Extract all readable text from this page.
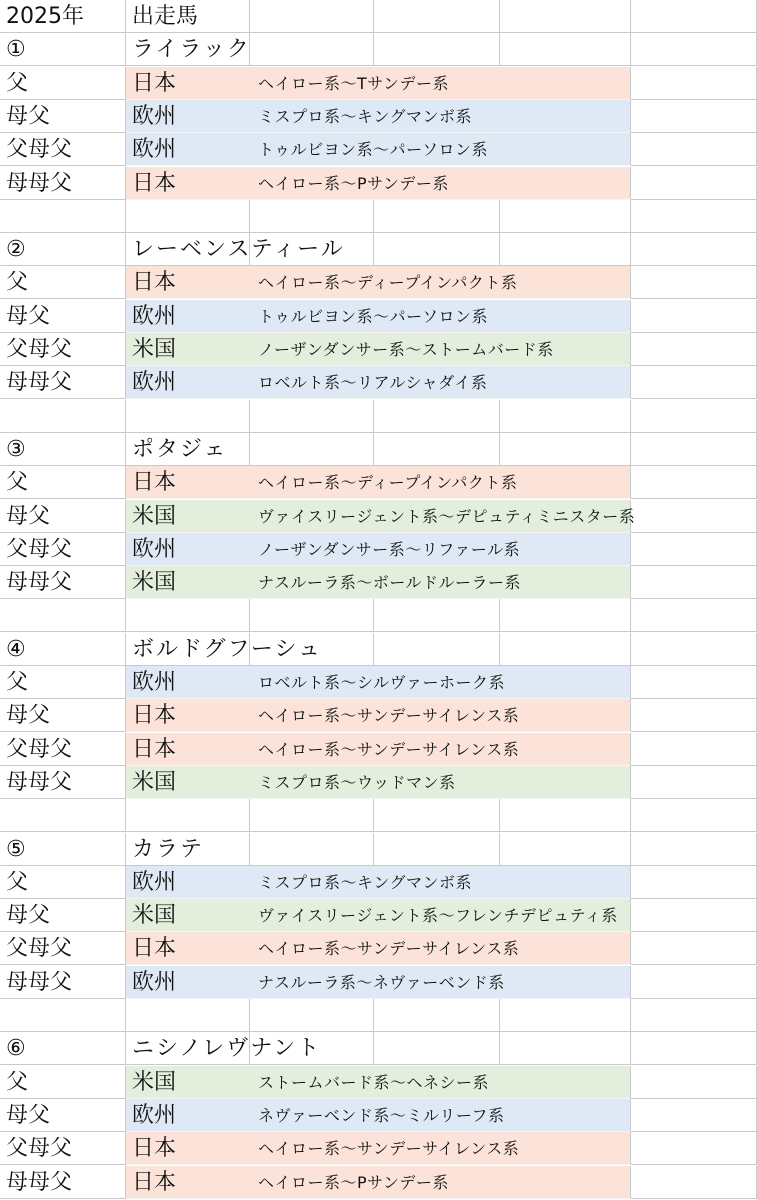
2025年 出走馬
①	ライラック
父	日本	ヘイロー系〜Tサンデー系
母父	欧州	ミスプロ系〜キングマンボ系
父母父	欧州	トゥルビヨン系〜パーソロン系
母母父	日本	ヘイロー系〜Pサンデー系
②	レーベンスティール
父	日本	ヘイロー系〜ディープインパクト系
母父	欧州	トゥルビヨン系〜パーソロン系
父母父	米国	ノーザンダンサー系〜ストームバード系
母母父	欧州	ロベルト系〜リアルシャダイ系
③	ポタジェ
父	日本	ヘイロー系〜ディープインパクト系
母父	米国	ヴァイスリージェント系〜デピュティミニスター系
父母父	欧州	ノーザンダンサー系〜リファール系
母母父	米国	ナスルーラ系〜ボールドルーラー系
④	ボルドグフーシュ
父	欧州	ロベルト系〜シルヴァーホーク系
母父	日本	ヘイロー系〜サンデーサイレンス系
父母父	日本	ヘイロー系〜サンデーサイレンス系
母母父	米国	ミスプロ系〜ウッドマン系
⑤	カラテ
父	欧州	ミスプロ系〜キングマンボ系
母父	米国	ヴァイスリージェント系〜フレンチデピュティ系
父母父	日本	ヘイロー系〜サンデーサイレンス系
母母父	欧州	ナスルーラ系〜ネヴァーベンド系
⑥	ニシノレヴナント
父	米国	ストームバード系〜ヘネシー系
母父	欧州	ネヴァーベンド系〜ミルリーフ系
父母父	日本	ヘイロー系〜サンデーサイレンス系
母母父	日本	ヘイロー系〜Pサンデー系
